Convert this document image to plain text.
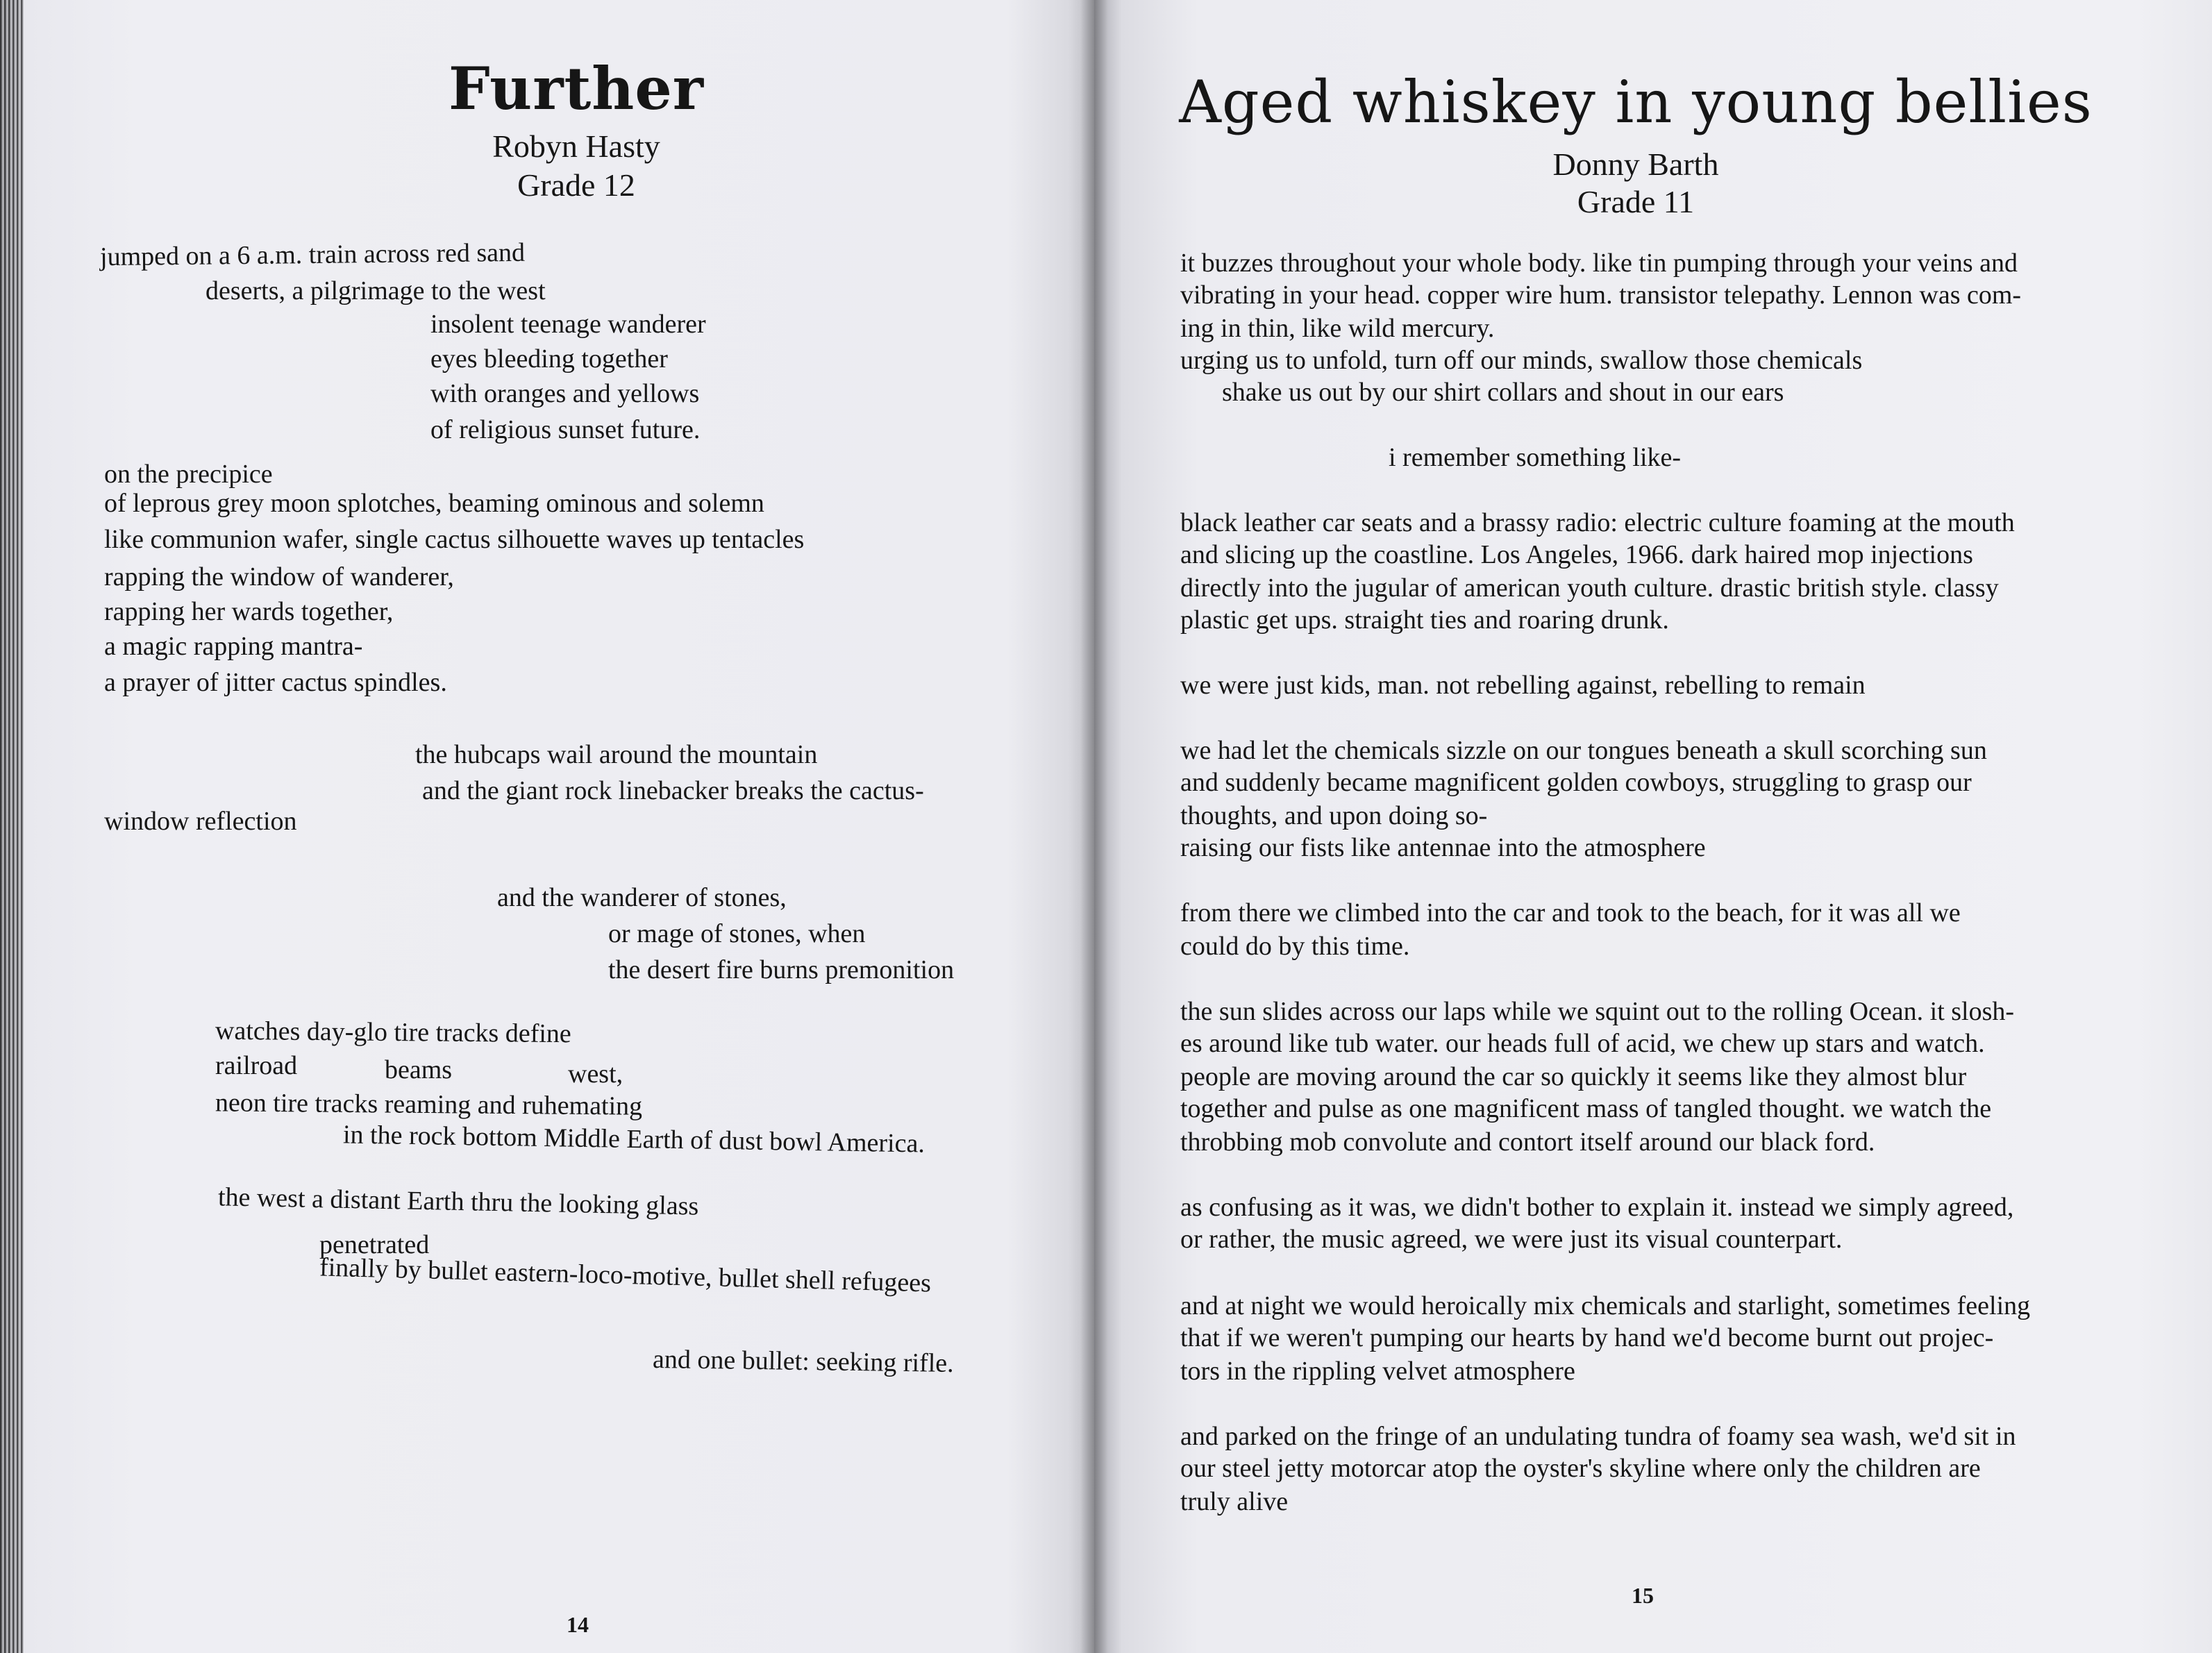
Further
Robyn Hasty
Grade 12
jumped on a 6 a.m. train across red sand
deserts, a pilgrimage to the west
insolent teenage wanderer
eyes bleeding together
with oranges and yellows
of religious sunset future.
on the precipice
of leprous grey moon splotches, beaming ominous and solemn
like communion wafer, single cactus silhouette waves up tentacles
rapping the window of wanderer,
rapping her wards together,
a magic rapping mantra-
a prayer of jitter cactus spindles.
the hubcaps wail around the mountain
and the giant rock linebacker breaks the cactus-
window reflection
and the wanderer of stones,
or mage of stones, when
the desert fire burns premonition
watches day-glo tire tracks define
railroad	beams	west,
neon tire tracks reaming and ruhemating
in the rock bottom Middle Earth of dust bowl America.
the west a distant Earth thru the looking glass
penetrated
finally by bullet eastern-loco-motive, bullet shell refugees
and one bullet: seeking rifle.
14
Aged whiskey in young bellies
Donny Barth
Grade 11
it buzzes throughout your whole body. like tin pumping through your veins and
vibrating in your head. copper wire hum. transistor telepathy. Lennon was com-
ing in thin, like wild mercury.
urging us to unfold, turn off our minds, swallow those chemicals
shake us out by our shirt collars and shout in our ears
i remember something like-
black leather car seats and a brassy radio: electric culture foaming at the mouth
and slicing up the coastline. Los Angeles, 1966. dark haired mop injections
directly into the jugular of american youth culture. drastic british style. classy
plastic get ups. straight ties and roaring drunk.
we were just kids, man. not rebelling against, rebelling to remain
we had let the chemicals sizzle on our tongues beneath a skull scorching sun
and suddenly became magnificent golden cowboys, struggling to grasp our
thoughts, and upon doing so-
raising our fists like antennae into the atmosphere
from there we climbed into the car and took to the beach, for it was all we
could do by this time.
the sun slides across our laps while we squint out to the rolling Ocean. it slosh-
es around like tub water. our heads full of acid, we chew up stars and watch.
people are moving around the car so quickly it seems like they almost blur
together and pulse as one magnificent mass of tangled thought. we watch the
throbbing mob convolute and contort itself around our black ford.
as confusing as it was, we didn't bother to explain it. instead we simply agreed,
or rather, the music agreed, we were just its visual counterpart.
and at night we would heroically mix chemicals and starlight, sometimes feeling
that if we weren't pumping our hearts by hand we'd become burnt out projec-
tors in the rippling velvet atmosphere
and parked on the fringe of an undulating tundra of foamy sea wash, we'd sit in
our steel jetty motorcar atop the oyster's skyline where only the children are
truly alive
15
